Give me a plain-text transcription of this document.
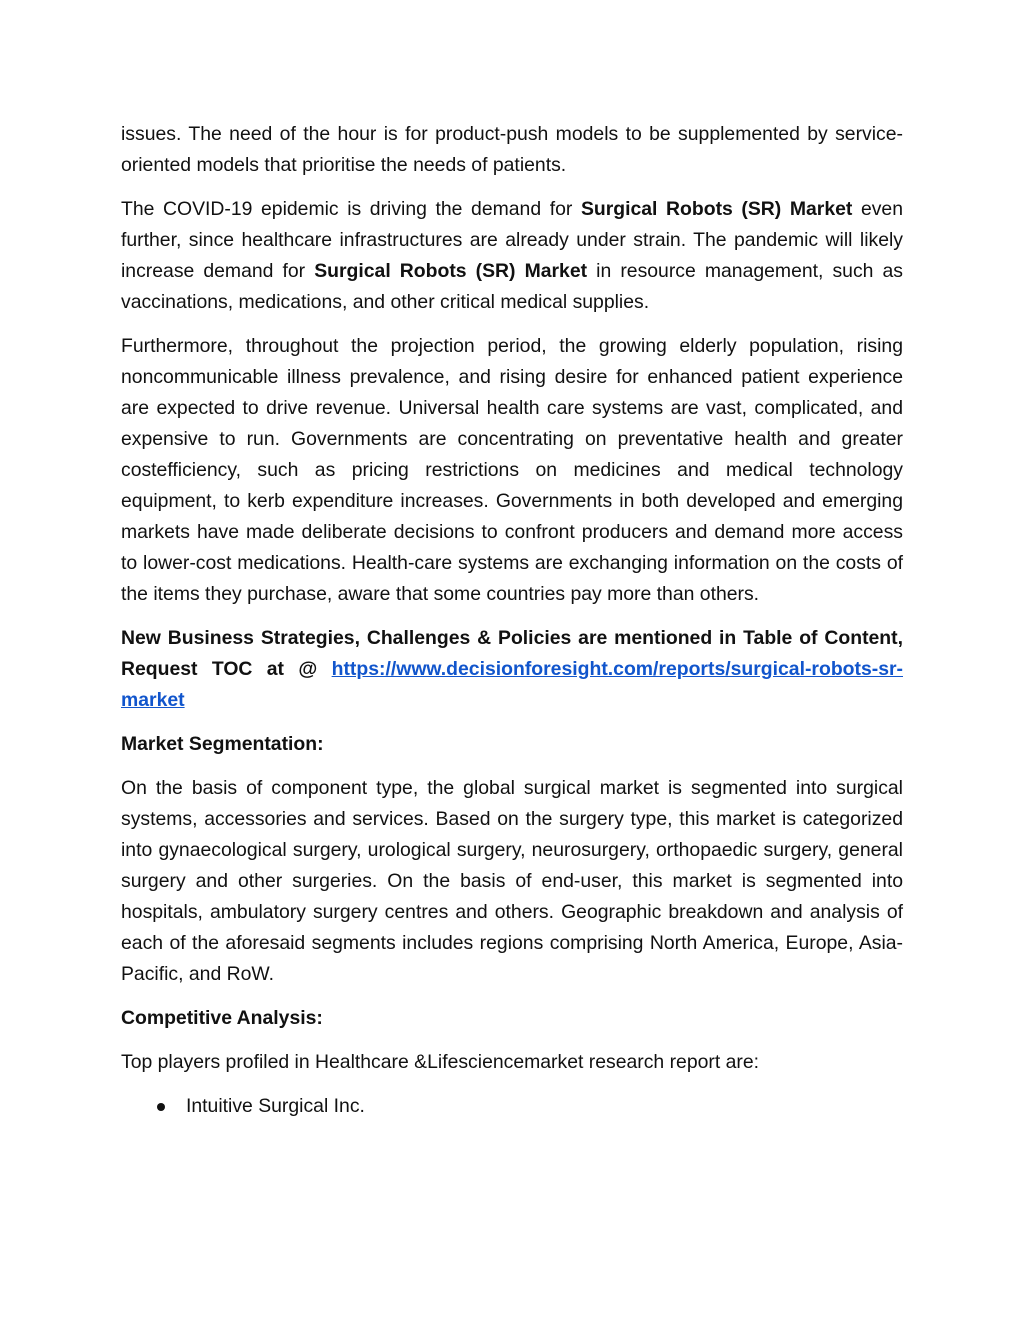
issues. The need of the hour is for product-push models to be supplemented by service-oriented models that prioritise the needs of patients.

The COVID-19 epidemic is driving the demand for Surgical Robots (SR) Market even further, since healthcare infrastructures are already under strain. The pandemic will likely increase demand for Surgical Robots (SR) Market in resource management, such as vaccinations, medications, and other critical medical supplies.

Furthermore, throughout the projection period, the growing elderly population, rising noncommunicable illness prevalence, and rising desire for enhanced patient experience are expected to drive revenue. Universal health care systems are vast, complicated, and expensive to run. Governments are concentrating on preventative health and greater costefficiency, such as pricing restrictions on medicines and medical technology equipment, to kerb expenditure increases. Governments in both developed and emerging markets have made deliberate decisions to confront producers and demand more access to lower-cost medications. Health-care systems are exchanging information on the costs of the items they purchase, aware that some countries pay more than others.

New Business Strategies, Challenges & Policies are mentioned in Table of Content, Request TOC at @ https://www.decisionforesight.com/reports/surgical-robots-sr-market

Market Segmentation:

On the basis of component type, the global surgical market is segmented into surgical systems, accessories and services. Based on the surgery type, this market is categorized into gynaecological surgery, urological surgery, neurosurgery, orthopaedic surgery, general surgery and other surgeries. On the basis of end-user, this market is segmented into hospitals, ambulatory surgery centres and others. Geographic breakdown and analysis of each of the aforesaid segments includes regions comprising North America, Europe, Asia-Pacific, and RoW.

Competitive Analysis:

Top players profiled in Healthcare &Lifesciencemarket research report are:

Intuitive Surgical Inc.
